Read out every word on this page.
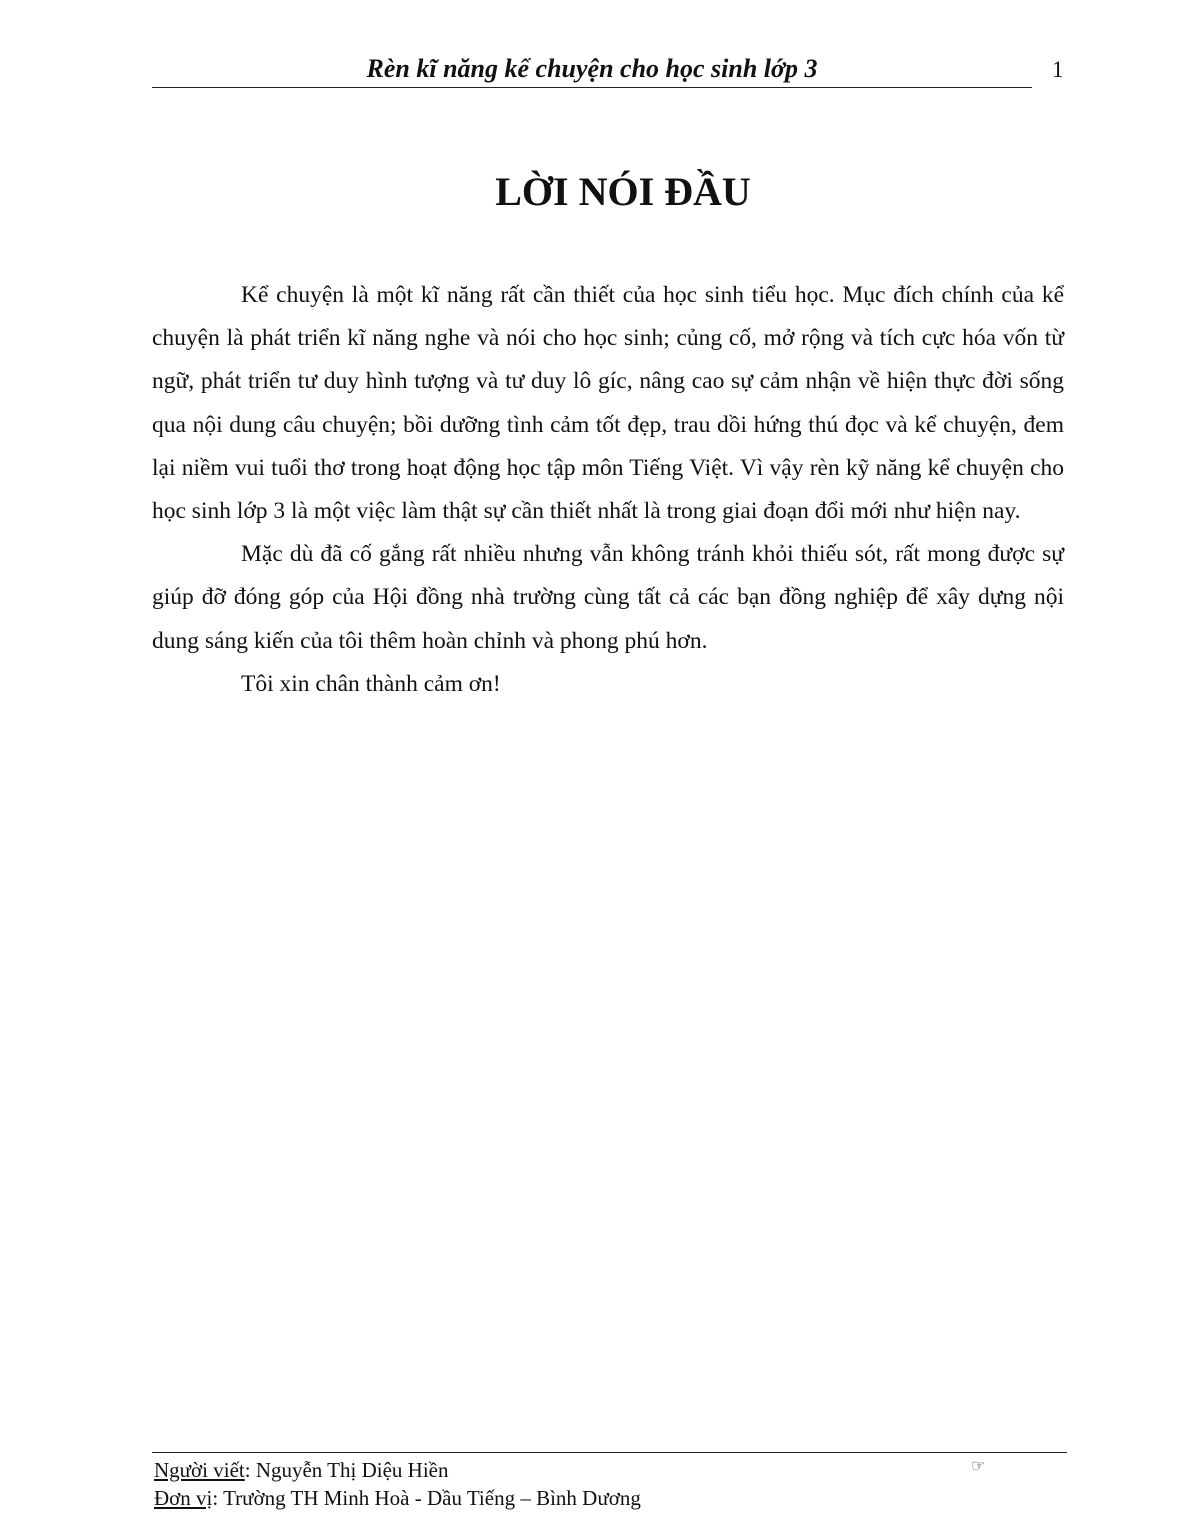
Rèn kĩ năng kể chuyện cho học sinh lớp 3	1
LỜI NÓI ĐẦU

Kể chuyện là một kĩ năng rất cần thiết của học sinh tiểu học. Mục đích chính của kể chuyện là phát triển kĩ năng nghe và nói cho học sinh; củng cố, mở rộng và tích cực hóa vốn từ ngữ, phát triển tư duy hình tượng và tư duy lô gíc, nâng cao sự cảm nhận về hiện thực đời sống qua nội dung câu chuyện; bồi dưỡng tình cảm tốt đẹp, trau dồi hứng thú đọc và kể chuyện, đem lại niềm vui tuổi thơ trong hoạt động học tập môn Tiếng Việt. Vì vậy rèn kỹ năng kể chuyện cho học sinh lớp 3 là một việc làm thật sự cần thiết nhất là trong giai đoạn đổi mới như hiện nay.

Mặc dù đã cố gắng rất nhiều nhưng vẫn không tránh khỏi thiếu sót, rất mong được sự giúp đỡ đóng góp của Hội đồng nhà trường cùng tất cả các bạn đồng nghiệp để xây dựng nội dung sáng kiến của tôi thêm hoàn chỉnh và phong phú hơn.

Tôi xin chân thành cảm ơn!

Người viết: Nguyễn Thị Diệu Hiền	☞
Đơn vị: Trường TH Minh Hoà - Dầu Tiếng – Bình Dương
